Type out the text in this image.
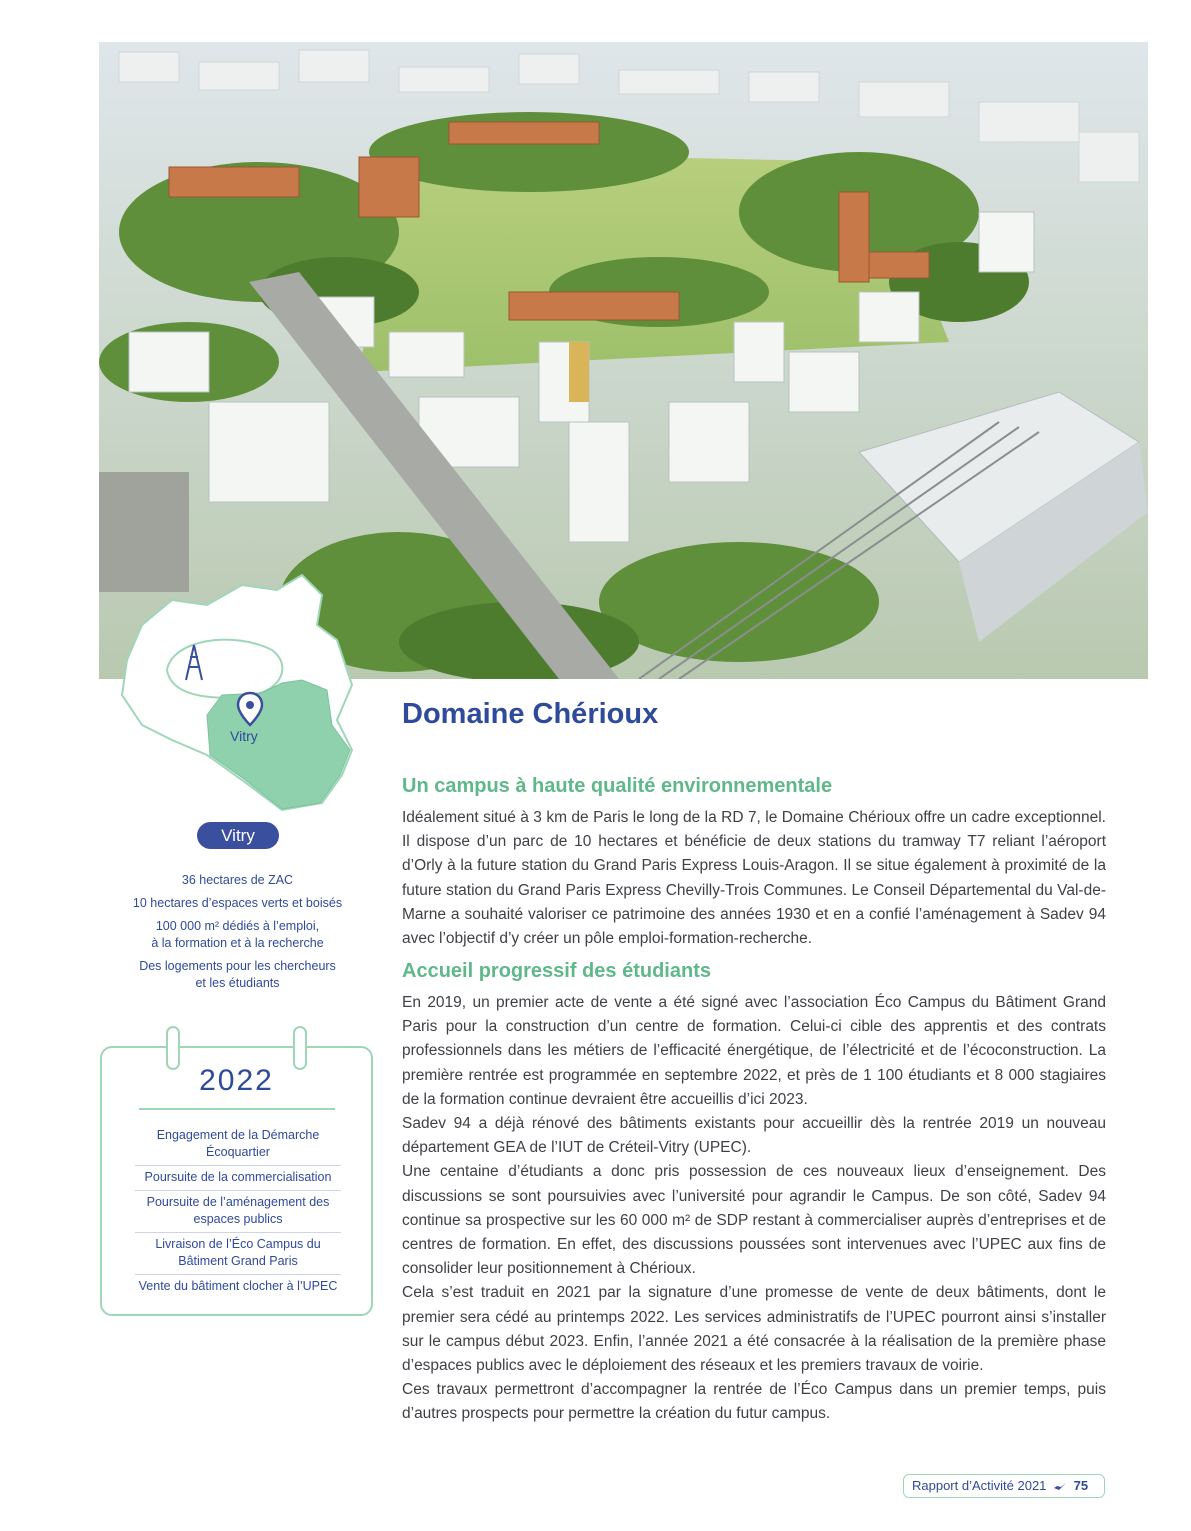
Vitry
Vitry

36 hectares de ZAC

10 hectares d’espaces verts et boisés

100 000 m² dédiés à l’emploi,
à la formation et à la recherche

Des logements pour les chercheurs
et les étudiants

2022
Engagement de la Démarche Écoquartier
Poursuite de la commercialisation
Poursuite de l’aménagement des espaces publics
Livraison de l’Éco Campus du Bâtiment Grand Paris
Vente du bâtiment clocher à l’UPEC
Domaine Chérioux
Un campus à haute qualité environnementale

Idéalement situé à 3 km de Paris le long de la RD 7, le Domaine Chérioux offre un cadre exceptionnel. Il dispose d’un parc de 10 hectares et bénéficie de deux stations du tramway T7 reliant l’aéroport d’Orly à la future station du Grand Paris Express Louis-Aragon. Il se situe également à proximité de la future station du Grand Paris Express Chevilly-Trois Communes. Le Conseil Départemental du Val-de-Marne a souhaité valoriser ce patrimoine des années 1930 et en a confié l’aménagement à Sadev 94 avec l’objectif d’y créer un pôle emploi-formation-recherche.

Accueil progressif des étudiants

En 2019, un premier acte de vente a été signé avec l’association Éco Campus du Bâtiment Grand Paris pour la construction d’un centre de formation. Celui-ci cible des apprentis et des contrats professionnels dans les métiers de l’efficacité énergétique, de l’électricité et de l’écoconstruction. La première rentrée est programmée en septembre 2022, et près de 1 100 étudiants et 8 000 stagiaires de la formation continue devraient être accueillis d’ici 2023.

Sadev 94 a déjà rénové des bâtiments existants pour accueillir dès la rentrée 2019 un nouveau département GEA de l’IUT de Créteil-Vitry (UPEC).

Une centaine d’étudiants a donc pris possession de ces nouveaux lieux d’enseignement. Des discussions se sont poursuivies avec l’université pour agrandir le Campus. De son côté, Sadev 94 continue sa prospective sur les 60 000 m² de SDP restant à commercialiser auprès d’entreprises et de centres de formation. En effet, des discussions poussées sont intervenues avec l’UPEC aux fins de consolider leur positionnement à Chérioux.

Cela s’est traduit en 2021 par la signature d’une promesse de vente de deux bâtiments, dont le premier sera cédé au printemps 2022. Les services administratifs de l’UPEC pourront ainsi s’installer sur le campus début 2023. Enfin, l’année 2021 a été consacrée à la réalisation de la première phase d’espaces publics avec le déploiement des réseaux et les premiers travaux de voirie.

Ces travaux permettront d’accompagner la rentrée de l’Éco Campus dans un premier temps, puis d’autres prospects pour permettre la création du futur campus.

Rapport d’Activité 2021 75
